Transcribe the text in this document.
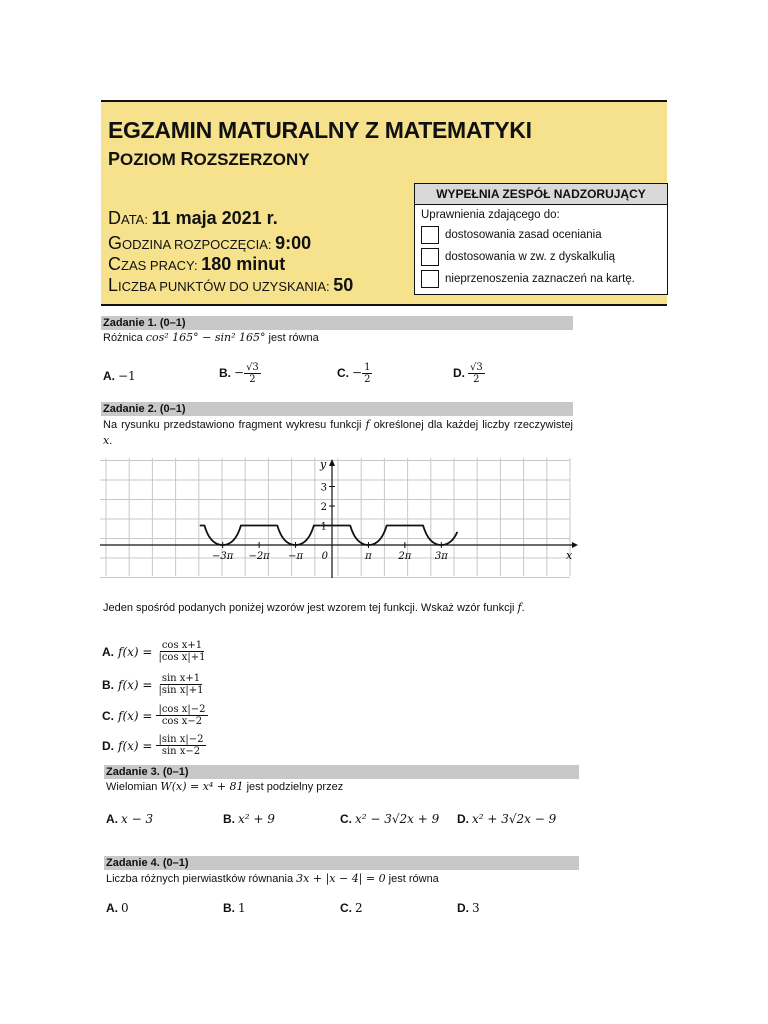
EGZAMIN MATURALNY Z MATEMATYKI
POZIOM ROZSZERZONY
DATA: 11 maja 2021 r.
GODZINA ROZPOCZĘCIA: 9:00
CZAS PRACY: 180 minut
LICZBA PUNKTÓW DO UZYSKANIA: 50
WYPEŁNIA ZESPÓŁ NADZORUJĄCY
Uprawnienia zdającego do:
dostosowania zasad oceniania
dostosowania w zw. z dyskalkulią
nieprzenoszenia zaznaczeń na kartę.
Zadanie 1. (0–1)
Różnica cos² 165° − sin² 165° jest równa
A. −1	B. − $\frac{√3}{2}$	C. − $\frac{1}{2}$	D. $\frac{√3}{2}$
Zadanie 2. (0–1)
Na rysunku przedstawiono fragment wykresu funkcji f określonej dla każdej liczby rzeczywistej x.
−3π −2π −π 0	π	2π 3π
1
2
3
x
y
Jeden spośród podanych poniżej wzorów jest wzorem tej funkcji. Wskaż wzór funkcji f.
A. $f(x) = \frac{\text{cos x+1}}{\text{|cos x|+1}}$
B. $f(x) = \frac{\text{sin x+1}}{\text{|sin x|+1}}$
C. $f(x) = \frac{\text{|cos x|−2}}{\text{cos x−2}}$
D. $f(x) = \frac{\text{|sin x|−2}}{\text{sin x−2}}$
Zadanie 3. (0–1)
Wielomian W(x) = x⁴ + 81 jest podzielny przez
A. x − 3	B. x² + 9	C. x² − 3√2x + 9 D. x² + 3√2x − 9
Zadanie 4. (0–1)
Liczba różnych pierwiastków równania 3x + |x − 4| = 0 jest równa
A. 0	B. 1	C. 2	D. 3
